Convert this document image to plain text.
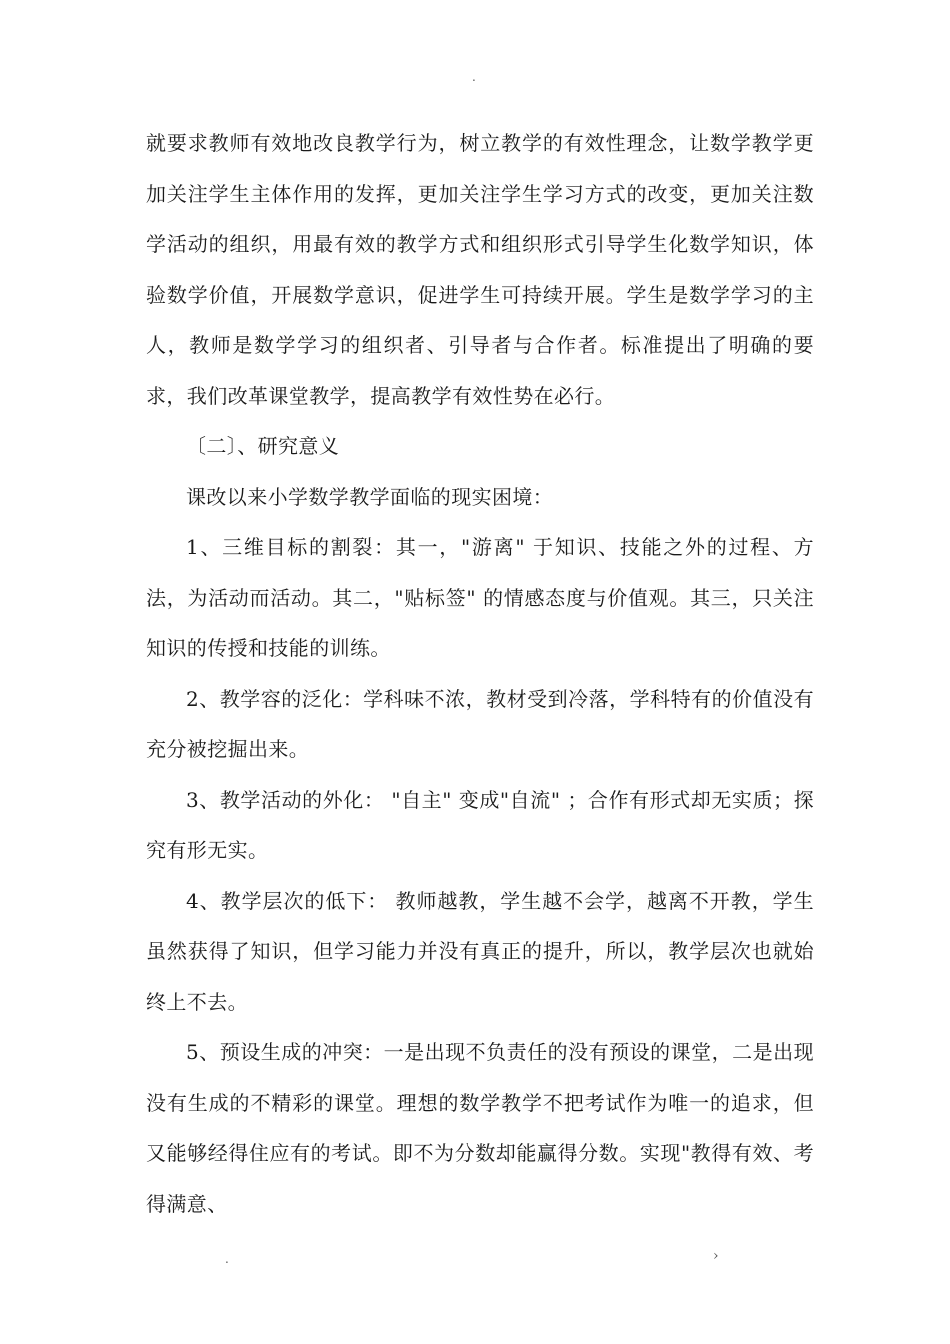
.

就要求教师有效地改良教学行为，树立教学的有效性理念，让数学教学更加关注学生主体作用的发挥，更加关注学生学习方式的改变，更加关注数学活动的组织，用最有效的教学方式和组织形式引导学生化数学知识，体验数学价值，开展数学意识，促进学生可持续开展。学生是数学学习的主人，教师是数学学习的组织者、引导者与合作者。标准提出了明确的要求，我们改革课堂教学，提高教学有效性势在必行。

〔二〕、研究意义

课改以来小学数学教学面临的现实困境：

1、三维目标的割裂：其一，"游离" 于知识、技能之外的过程、方法，为活动而活动。其二，"贴标签" 的情感态度与价值观。其三，只关注知识的传授和技能的训练。

2、教学容的泛化：学科味不浓，教材受到冷落，学科特有的价值没有充分被挖掘出来。

3、教学活动的外化： "自主" 变成"自流" ；合作有形式却无实质；探究有形无实。

4、教学层次的低下： 教师越教，学生越不会学，越离不开教，学生虽然获得了知识，但学习能力并没有真正的提升，所以，教学层次也就始终上不去。

5、预设生成的冲突：一是出现不负责任的没有预设的课堂，二是出现没有生成的不精彩的课堂。理想的数学教学不把考试作为唯一的追求，但又能够经得住应有的考试。即不为分数却能赢得分数。实现"教得有效、考得满意、

.	›
